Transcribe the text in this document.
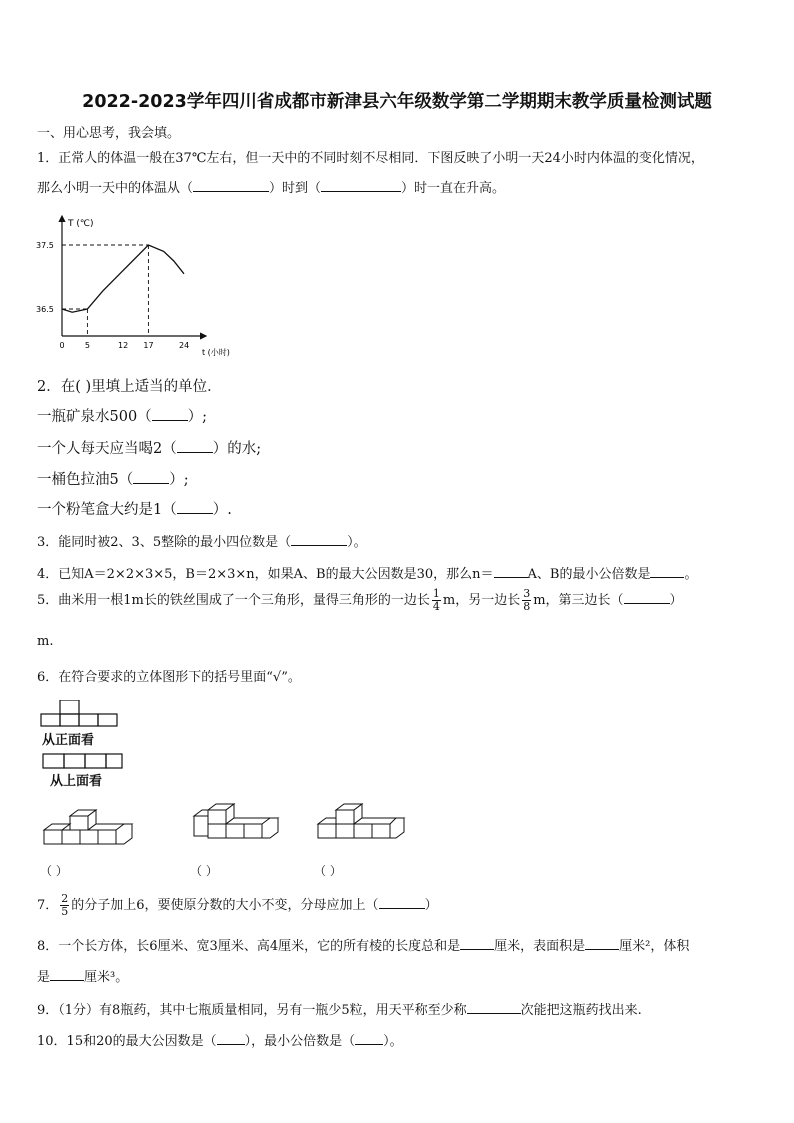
2022-2023学年四川省成都市新津县六年级数学第二学期期末教学质量检测试题
一、用心思考，我会填。
1．正常人的体温一般在37℃左右，但一天中的不同时刻不尽相同．下图反映了小明一天24小时内体温的变化情况，
那么小明一天中的体温从（	）时到（	）时一直在升高。
T (℃)
t (小时)
0	5	12 17	24
36.5
37.5
2．在( )里填上适当的单位．
一瓶矿泉水500（ ）;
一个人每天应当喝2（ ）的水;
一桶色拉油5（ ）;
一个粉笔盒大约是1（ ）.
3．能同时被2、3、5整除的最小四位数是（	）。
4．已知A＝2×2×3×5，B＝2×3×n，如果A、B的最大公因数是30，那么n＝	A、B的最小公倍数是	。
5．曲米用一根1m长的铁丝围成了一个三角形，量得三角形的一边长 $\frac{1}{4}$ m，另一边长 $\frac{3}{8}$ m，第三边长（	）
m.
6．在符合要求的立体图形下的括号里面“√”。
从正面看
从上面看
（ ）	（ ）	（ ）
7． $\frac{2}{5}$ 的分子加上6，要使原分数的大小不变，分母应加上（	）
8．一个长方体，长6厘米、宽3厘米、高4厘米，它的所有棱的长度总和是	厘米，表面积是	厘米²，体积
是	厘米³。
9．（1分）有8瓶药，其中七瓶质量相同，另有一瓶少5粒，用天平称至少称	次能把这瓶药找出来.
10．15和20的最大公因数是（ ），最小公倍数是（ ）。
